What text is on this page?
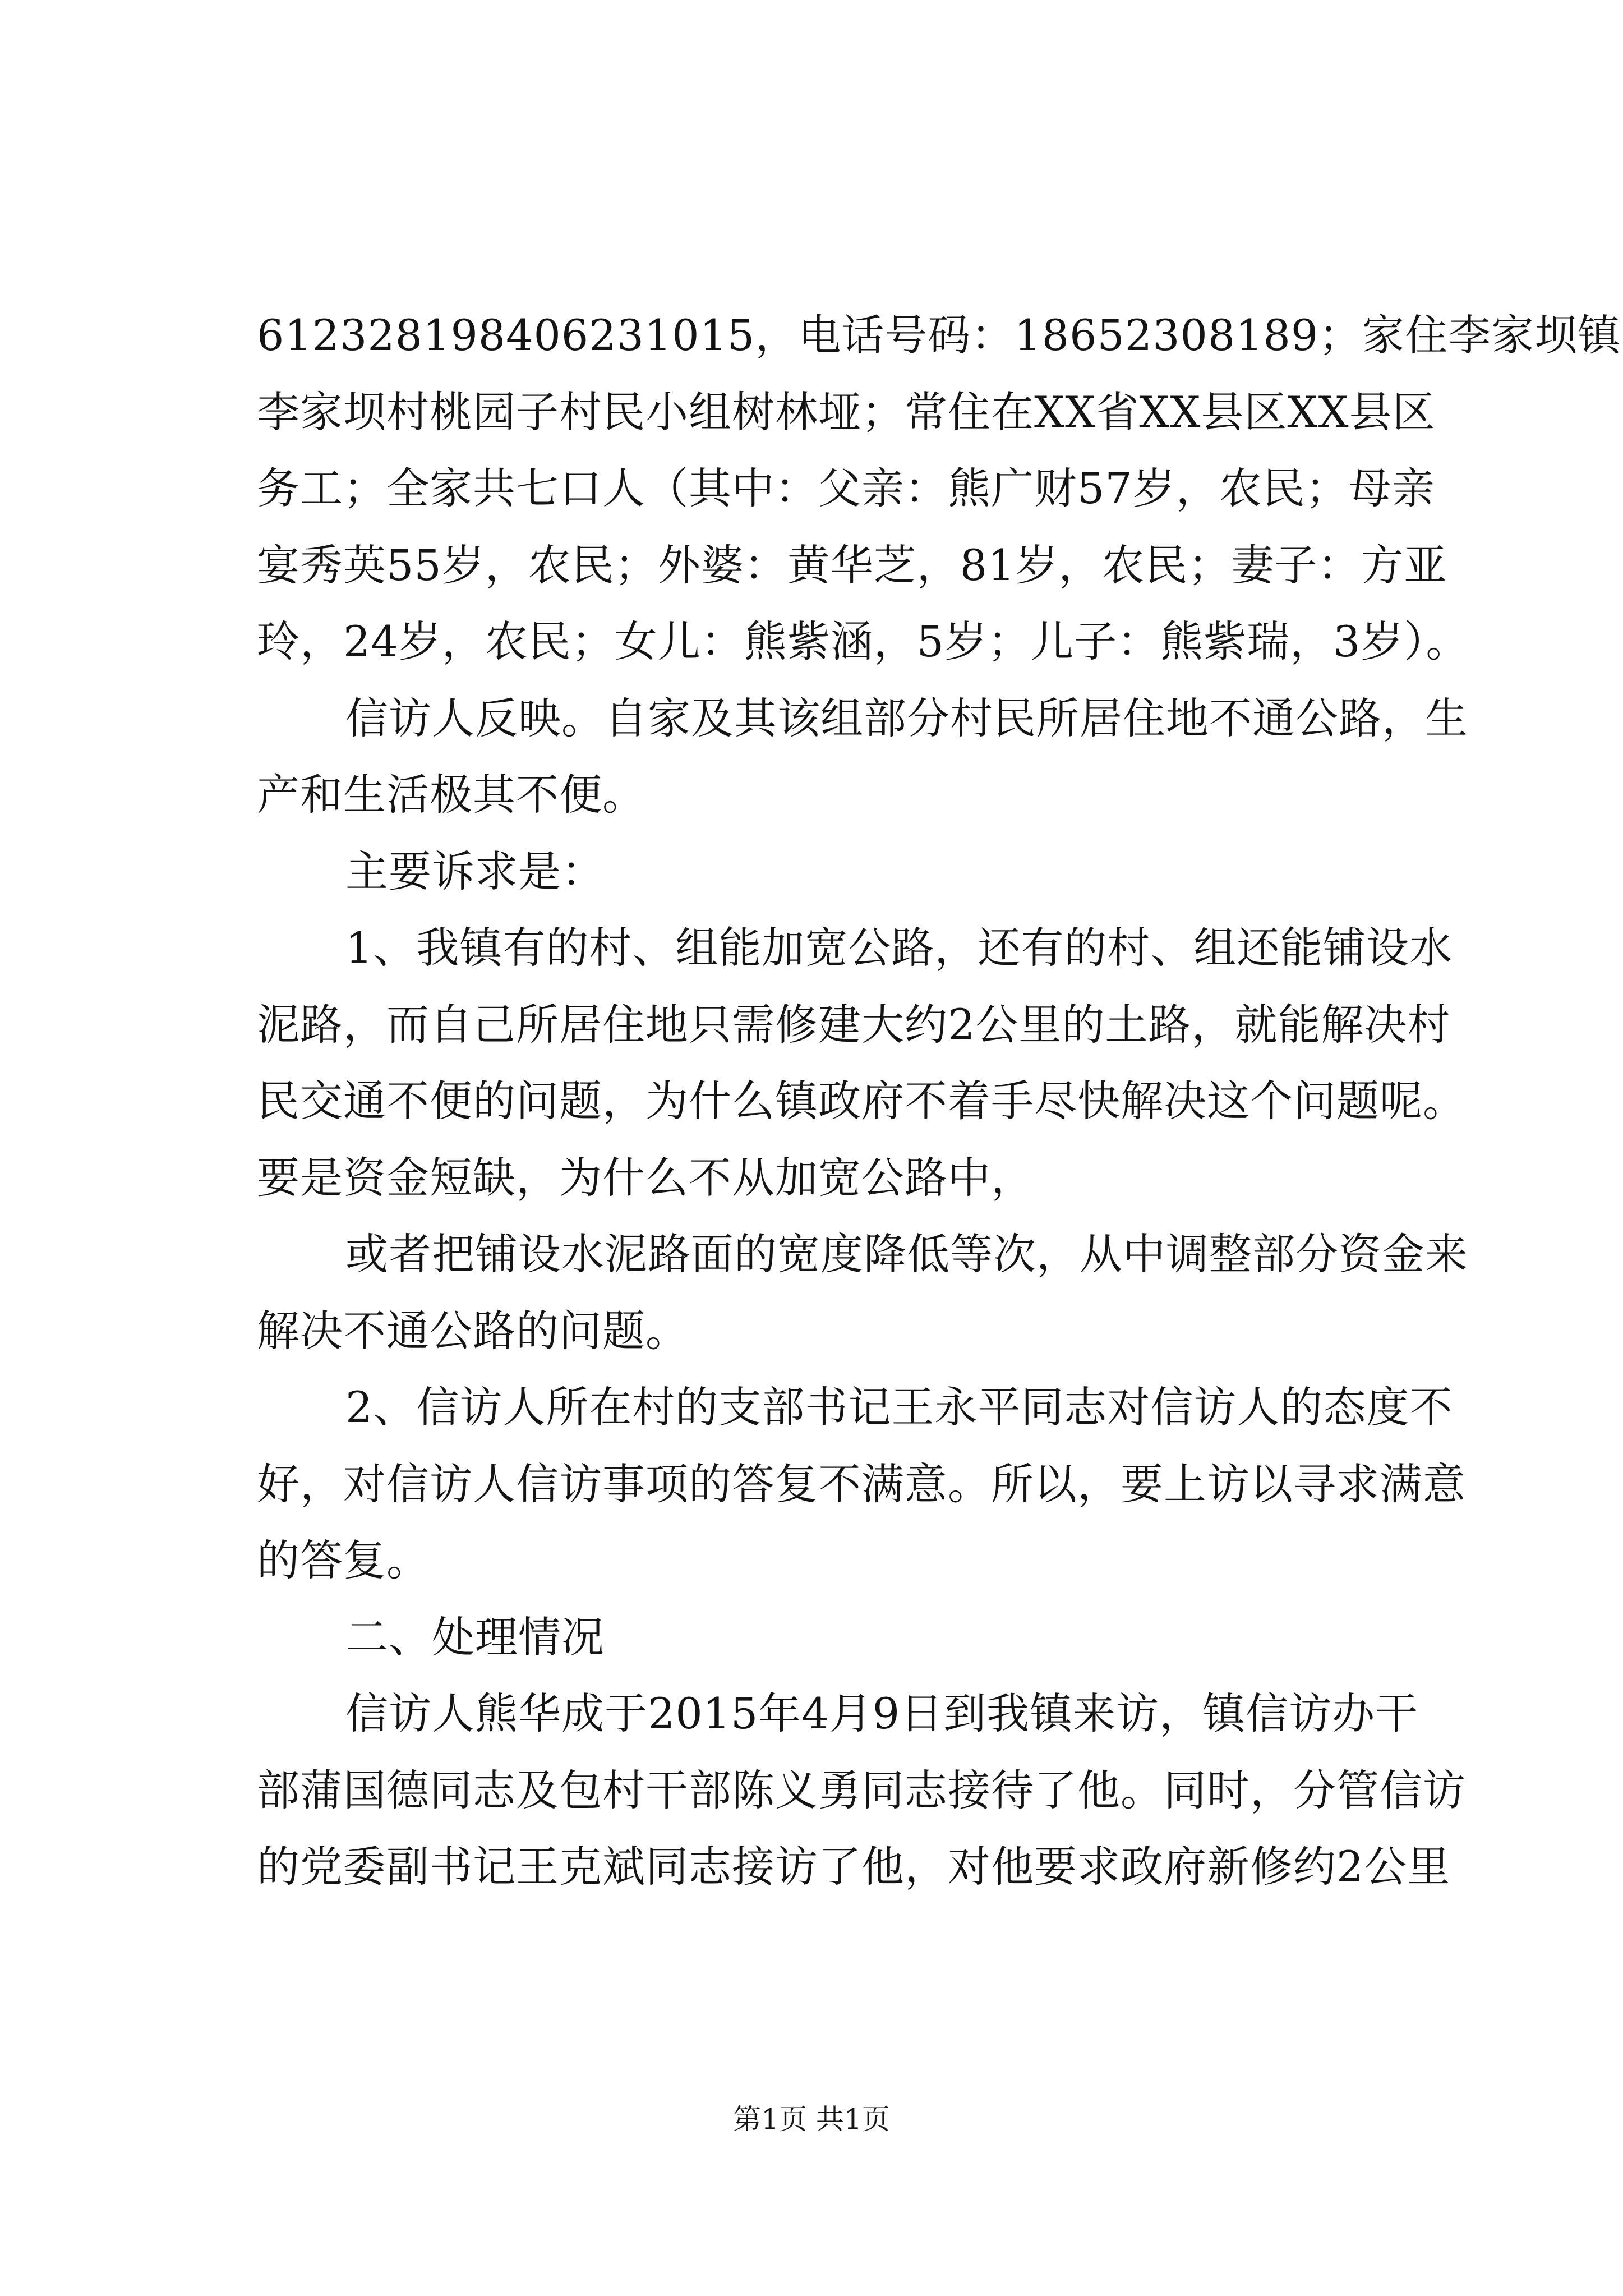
612328198406231015，电话号码：18652308189；家住李家坝镇
李家坝村桃园子村民小组树林垭；常住在XX省XX县区XX县区
务工；全家共七口人（其中：父亲：熊广财57岁，农民；母亲
宴秀英55岁，农民；外婆：黄华芝，81岁，农民；妻子：方亚
玲，24岁，农民；女儿：熊紫涵，5岁；儿子：熊紫瑞，3岁）。
信访人反映。自家及其该组部分村民所居住地不通公路，生
产和生活极其不便。
主要诉求是：
1、我镇有的村、组能加宽公路，还有的村、组还能铺设水
泥路，而自己所居住地只需修建大约2公里的土路，就能解决村
民交通不便的问题，为什么镇政府不着手尽快解决这个问题呢。
要是资金短缺，为什么不从加宽公路中，
或者把铺设水泥路面的宽度降低等次，从中调整部分资金来
解决不通公路的问题。
2、信访人所在村的支部书记王永平同志对信访人的态度不
好，对信访人信访事项的答复不满意。所以，要上访以寻求满意
的答复。
二、处理情况
信访人熊华成于2015年4月9日到我镇来访，镇信访办干
部蒲国德同志及包村干部陈义勇同志接待了他。同时，分管信访
的党委副书记王克斌同志接访了他，对他要求政府新修约2公里
第1页 共1页
